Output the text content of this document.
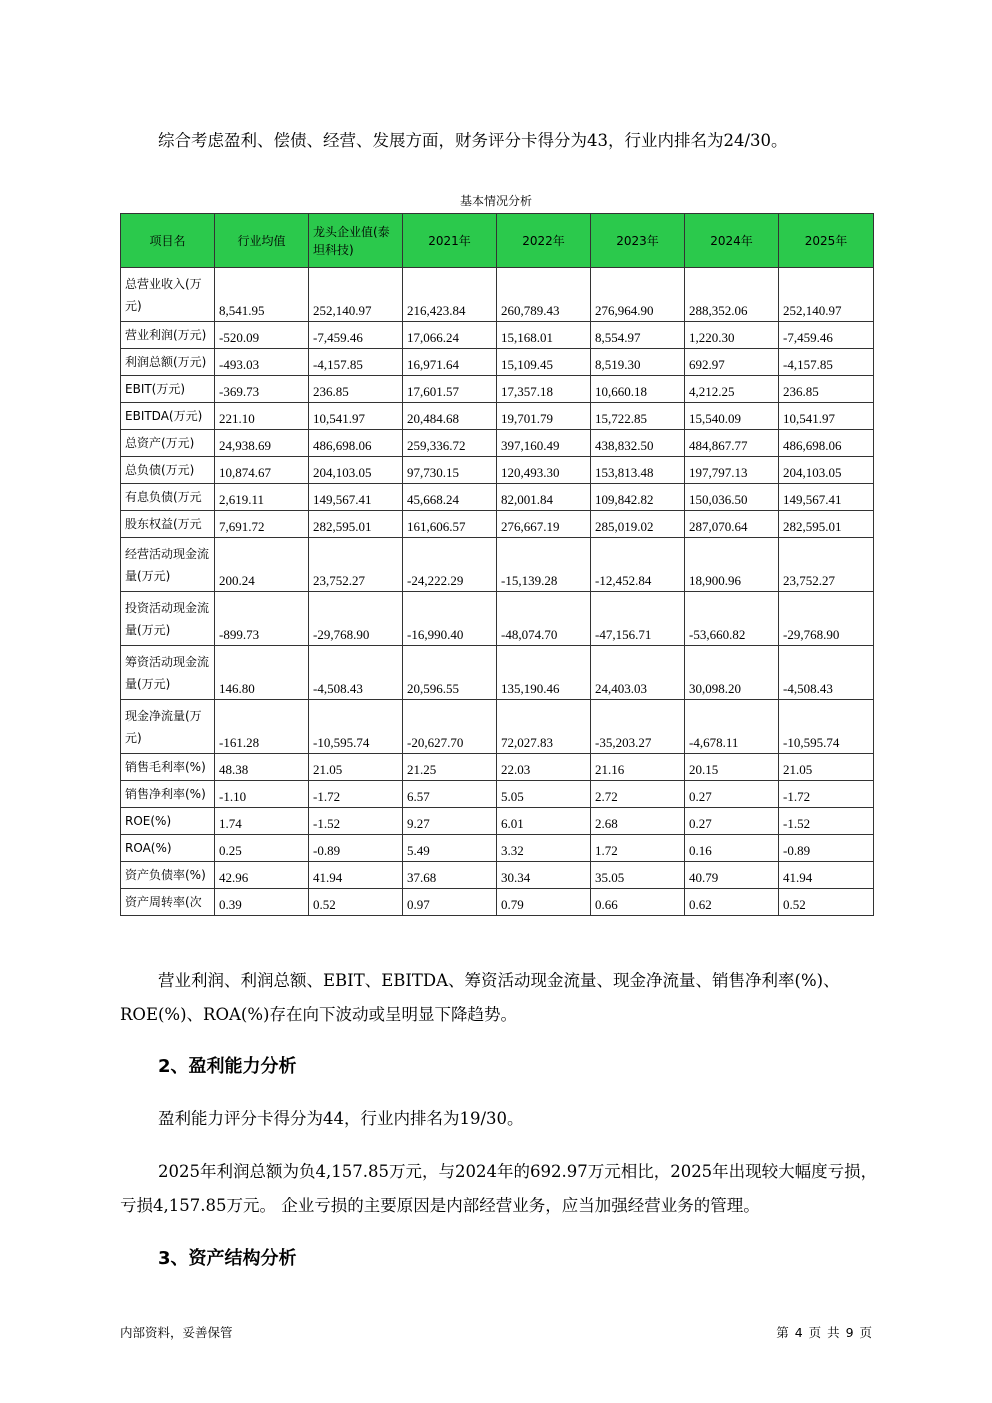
综合考虑盈利、偿债、经营、发展方面，财务评分卡得分为43，行业内排名为24/30。

基本情况分析
项目名	行业均值	龙头企业值(泰坦科技)	2021年	2022年	2023年	2024年	2025年
总营业收入(万元)	8,541.95	252,140.97	216,423.84	260,789.43	276,964.90	288,352.06	252,140.97
营业利润(万元)	-520.09	-7,459.46	17,066.24	15,168.01	8,554.97	1,220.30	-7,459.46
利润总额(万元)	-493.03	-4,157.85	16,971.64	15,109.45	8,519.30	692.97	-4,157.85
EBIT(万元)	-369.73	236.85	17,601.57	17,357.18	10,660.18	4,212.25	236.85
EBITDA(万元)	221.10	10,541.97	20,484.68	19,701.79	15,722.85	15,540.09	10,541.97
总资产(万元)	24,938.69	486,698.06	259,336.72	397,160.49	438,832.50	484,867.77	486,698.06
总负债(万元)	10,874.67	204,103.05	97,730.15	120,493.30	153,813.48	197,797.13	204,103.05
有息负债(万元	2,619.11	149,567.41	45,668.24	82,001.84	109,842.82	150,036.50	149,567.41
股东权益(万元	7,691.72	282,595.01	161,606.57	276,667.19	285,019.02	287,070.64	282,595.01
经营活动现金流量(万元)	200.24	23,752.27	-24,222.29	-15,139.28	-12,452.84	18,900.96	23,752.27
投资活动现金流量(万元)	-899.73	-29,768.90	-16,990.40	-48,074.70	-47,156.71	-53,660.82	-29,768.90
筹资活动现金流量(万元)	146.80	-4,508.43	20,596.55	135,190.46	24,403.03	30,098.20	-4,508.43
现金净流量(万元)	-161.28	-10,595.74	-20,627.70	72,027.83	-35,203.27	-4,678.11	-10,595.74
销售毛利率(%)	48.38	21.05	21.25	22.03	21.16	20.15	21.05
销售净利率(%)	-1.10	-1.72	6.57	5.05	2.72	0.27	-1.72
ROE(%)	1.74	-1.52	9.27	6.01	2.68	0.27	-1.52
ROA(%)	0.25	-0.89	5.49	3.32	1.72	0.16	-0.89
资产负债率(%)	42.96	41.94	37.68	30.34	35.05	40.79	41.94
资产周转率(次	0.39	0.52	0.97	0.79	0.66	0.62	0.52

营业利润、利润总额、EBIT、EBITDA、筹资活动现金流量、现金净流量、销售净利率(%)、ROE(%)、ROA(%)存在向下波动或呈明显下降趋势。

2、盈利能力分析

盈利能力评分卡得分为44，行业内排名为19/30。

2025年利润总额为负4,157.85万元，与2024年的692.97万元相比，2025年出现较大幅度亏损，亏损4,157.85万元。 企业亏损的主要原因是内部经营业务，应当加强经营业务的管理。

3、资产结构分析
内部资料，妥善保管	第 4 页 共 9 页
